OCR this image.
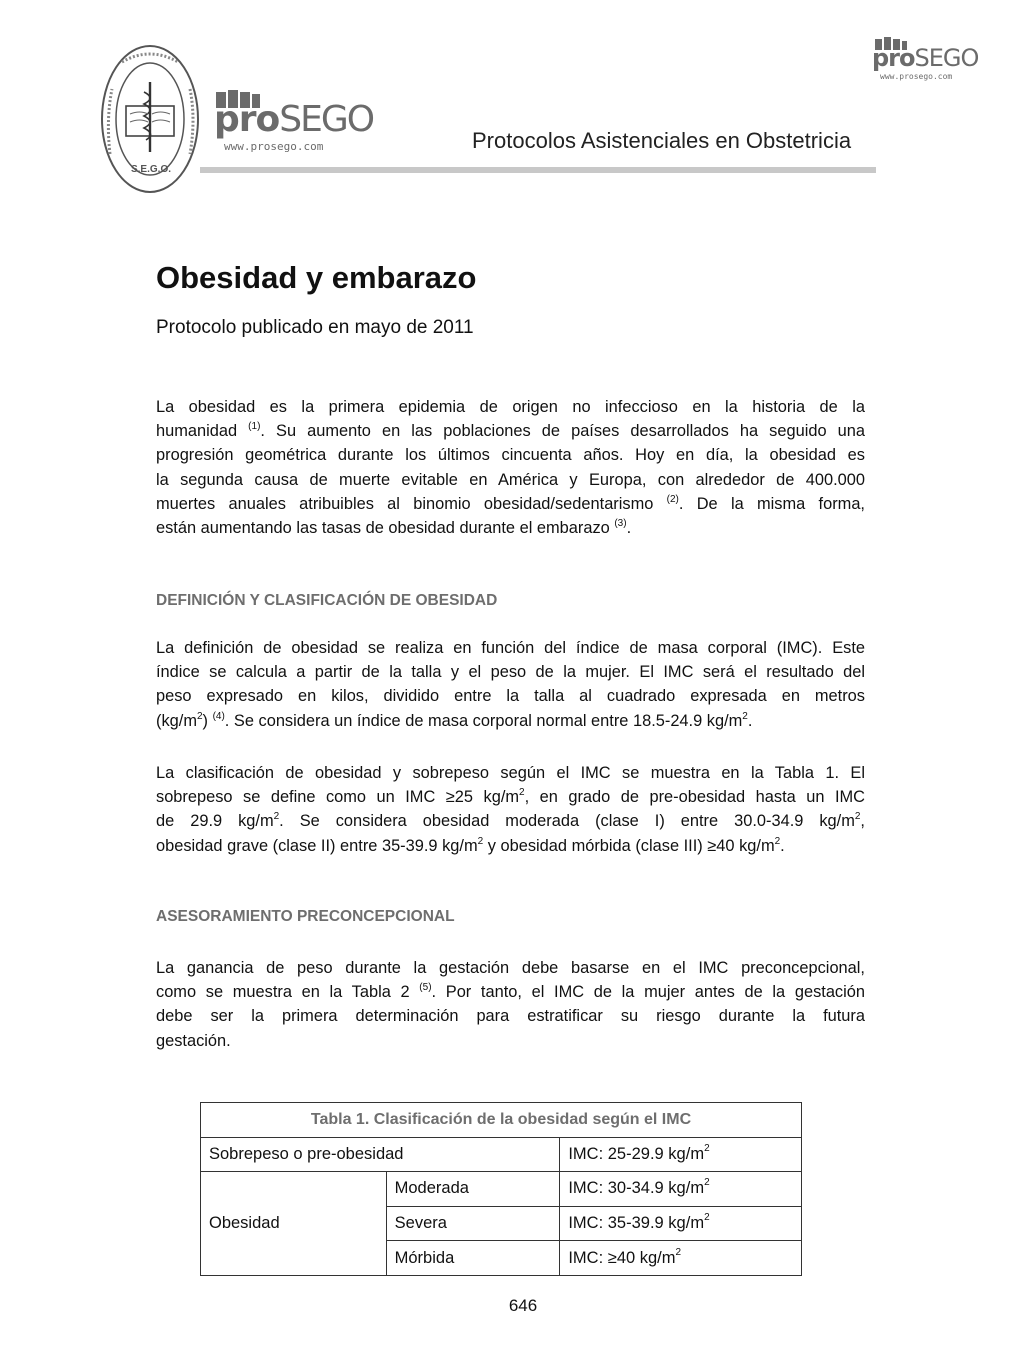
S.E.G.O.
proSEGO
www.prosego.com
proSEGO
www.prosego.com
Protocolos Asistenciales en Obstetricia
Obesidad y embarazo
Protocolo publicado en mayo de 2011
La obesidad es la primera epidemia de origen no infeccioso en la historia de la
humanidad $^{(1)}$. Su aumento en las poblaciones de países desarrollados ha seguido una
progresión geométrica durante los últimos cincuenta años. Hoy en día, la obesidad es
la segunda causa de muerte evitable en América y Europa, con alrededor de 400.000
muertes anuales atribuibles al binomio obesidad/sedentarismo $^{(2)}$. De la misma forma,
están aumentando las tasas de obesidad durante el embarazo $^{(3)}$.
DEFINICIÓN Y CLASIFICACIÓN DE OBESIDAD
La definición de obesidad se realiza en función del índice de masa corporal (IMC). Este
índice se calcula a partir de la talla y el peso de la mujer. El IMC será el resultado del
peso expresado en kilos, dividido entre la talla al cuadrado expresada en metros
$(kg/m^2)$ $^{(4)}$. Se considera un índice de masa corporal normal entre 18.5-24.9 $kg/m^2$.
La clasificación de obesidad y sobrepeso según el IMC se muestra en la Tabla 1. El
sobrepeso se define como un IMC ≥25 $kg/m^2$, en grado de pre-obesidad hasta un IMC
de 29.9 $kg/m^2$. Se considera obesidad moderada (clase I) entre 30.0-34.9 $kg/m^2$,
obesidad grave (clase II) entre 35-39.9 $kg/m^2$ y obesidad mórbida (clase III) ≥40 $kg/m^2$.
ASESORAMIENTO PRECONCEPCIONAL
La ganancia de peso durante la gestación debe basarse en el IMC preconcepcional,
como se muestra en la Tabla 2 $^{(5)}$. Por tanto, el IMC de la mujer antes de la gestación
debe ser la primera determinación para estratificar su riesgo durante la futura
gestación.
Tabla 1. Clasificación de la obesidad según el IMC		
Sobrepeso o pre-obesidad		IMC: 25-29.9 $kg/m^2$
Obesidad	Moderada	IMC: 30-34.9 $kg/m^2$
	Severa	IMC: 35-39.9 $kg/m^2$
	Mórbida	IMC: ≥40 $kg/m^2$
646
